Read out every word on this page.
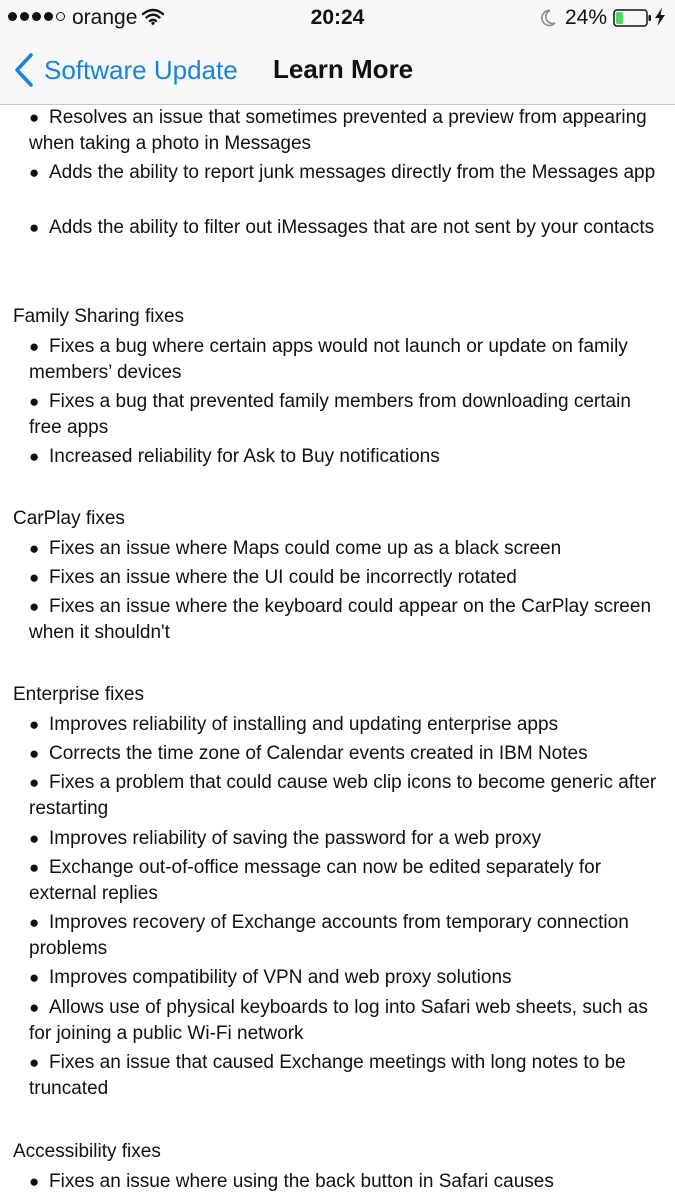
orange	20:24	24%
Software Update Learn More

● Resolves an issue that sometimes prevented a preview from appearing when taking a photo in Messages

● Adds the ability to report junk messages directly from the Messages app

● Adds the ability to filter out iMessages that are not sent by your contacts

Family Sharing fixes

● Fixes a bug where certain apps would not launch or update on family members’ devices

● Fixes a bug that prevented family members from downloading certain free apps

● Increased reliability for Ask to Buy notifications

CarPlay fixes

● Fixes an issue where Maps could come up as a black screen

● Fixes an issue where the UI could be incorrectly rotated

● Fixes an issue where the keyboard could appear on the CarPlay screen when it shouldn't

Enterprise fixes

● Improves reliability of installing and updating enterprise apps

● Corrects the time zone of Calendar events created in IBM Notes

● Fixes a problem that could cause web clip icons to become generic after restarting

● Improves reliability of saving the password for a web proxy

● Exchange out-of-office message can now be edited separately for external replies

● Improves recovery of Exchange accounts from temporary connection problems

● Improves compatibility of VPN and web proxy solutions

● Allows use of physical keyboards to log into Safari web sheets, such as for joining a public Wi-Fi network

● Fixes an issue that caused Exchange meetings with long notes to be truncated

Accessibility fixes

● Fixes an issue where using the back button in Safari causes
